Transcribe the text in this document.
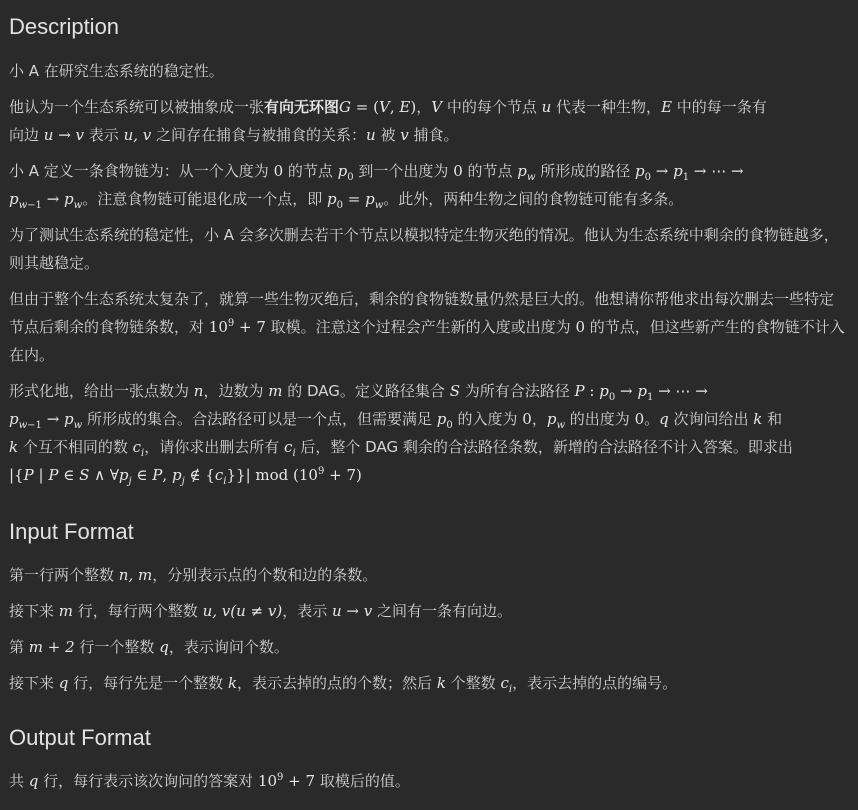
Description

小 A 在研究生态系统的稳定性。

他认为一个生态系统可以被抽象成一张有向无环图G = (V, E)，V 中的每个节点 u 代表一种生物，E 中的每一条有
向边 u → v 表示 u, v 之间存在捕食与被捕食的关系：u 被 v 捕食。

小 A 定义一条食物链为：从一个入度为 0 的节点 $p_0$ 到一个出度为 0 的节点 $p_w$ 所形成的路径 $p_0 \to p_1$ → ⋯ →
$p_{w-1} \to p_w$。注意食物链可能退化成一个点，即 $p_0 = p_w$。此外，两种生物之间的食物链可能有多条。

为了测试生态系统的稳定性，小 A 会多次删去若干个节点以模拟特定生物灭绝的情况。他认为生态系统中剩余的食物链越多，则其越稳定。

但由于整个生态系统太复杂了，就算一些生物灭绝后，剩余的食物链数量仍然是巨大的。他想请你帮他求出每次删去一些特定节点后剩余的食物链条数，对 $10^9 + 7$ 取模。注意这个过程会产生新的入度或出度为 0 的节点，但这些新产生的食物链不计入在内。

形式化地，给出一张点数为 n，边数为 m 的 DAG。定义路径集合 S 为所有合法路径 P : $p_0 \to p_1$ → ⋯ →
$p_{w-1} \to p_w$ 所形成的集合。合法路径可以是一个点，但需要满足 $p_0$ 的入度为 0，$p_w$ 的出度为 0。q 次询问给出 k 和
k 个互不相同的数 $c_i$，请你求出删去所有 $c_i$ 后，整个 DAG 剩余的合法路径条数，新增的合法路径不计入答案。即求出
|{P | P ∈ S ∧ $\forall p_j$ ∈ P, $p_j$ ∉ $\{c_i\}\}|$ mod $(10^9 + 7)$

Input Format

第一行两个整数 n, m，分别表示点的个数和边的条数。

接下来 m 行，每行两个整数 u, v(u ≠ v)，表示 u → v 之间有一条有向边。

第 m + 2 行一个整数 q，表示询问个数。

接下来 q 行，每行先是一个整数 k，表示去掉的点的个数；然后 k 个整数 $c_i$，表示去掉的点的编号。

Output Format

共 q 行，每行表示该次询问的答案对 $10^9 + 7$ 取模后的值。
